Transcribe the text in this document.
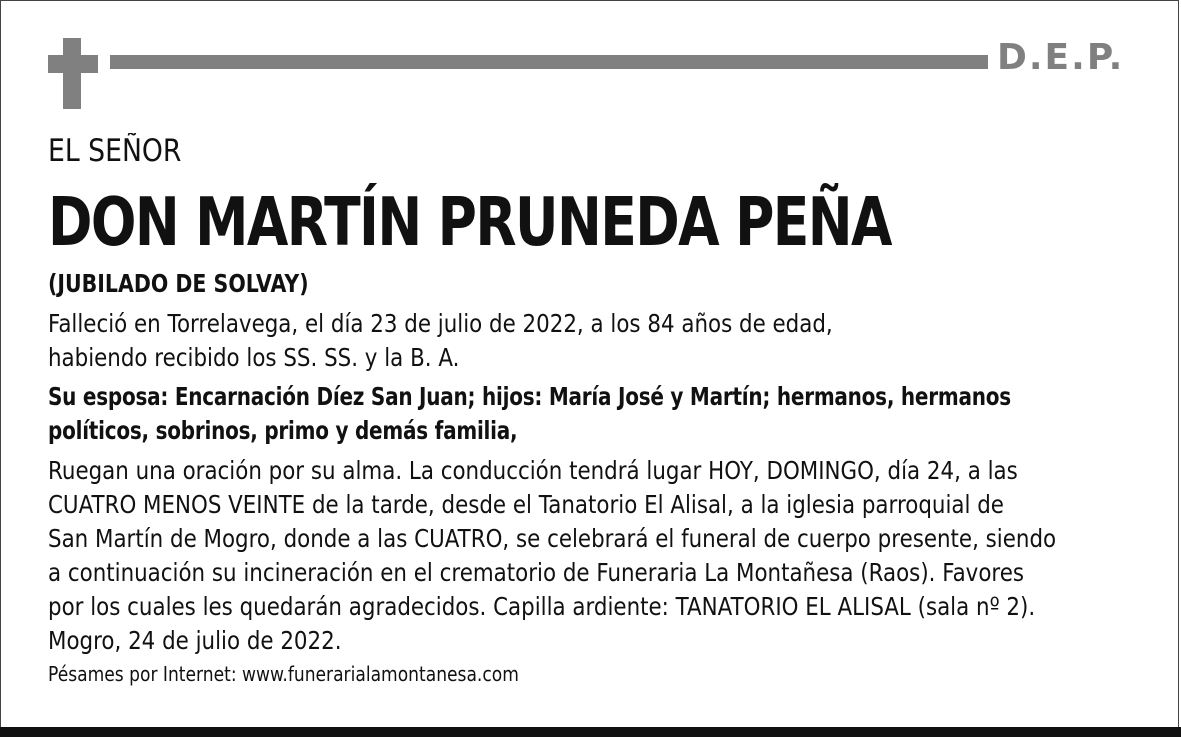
D.E.P.
EL SEÑOR
DON MARTÍN PRUNEDA PEÑA
(JUBILADO DE SOLVAY)
Falleció en Torrelavega, el día 23 de julio de 2022, a los 84 años de edad,
habiendo recibido los SS. SS. y la B. A.
Su esposa: Encarnación Díez San Juan; hijos: María José y Martín; hermanos, hermanos
políticos, sobrinos, primo y demás familia,
Ruegan una oración por su alma. La conducción tendrá lugar HOY, DOMINGO, día 24, a las
CUATRO MENOS VEINTE de la tarde, desde el Tanatorio El Alisal, a la iglesia parroquial de
San Martín de Mogro, donde a las CUATRO, se celebrará el funeral de cuerpo presente, siendo
a continuación su incineración en el crematorio de Funeraria La Montañesa (Raos). Favores
por los cuales les quedarán agradecidos. Capilla ardiente: TANATORIO EL ALISAL (sala nº 2).
Mogro, 24 de julio de 2022.
Pésames por Internet: www.funerarialamontanesa.com
